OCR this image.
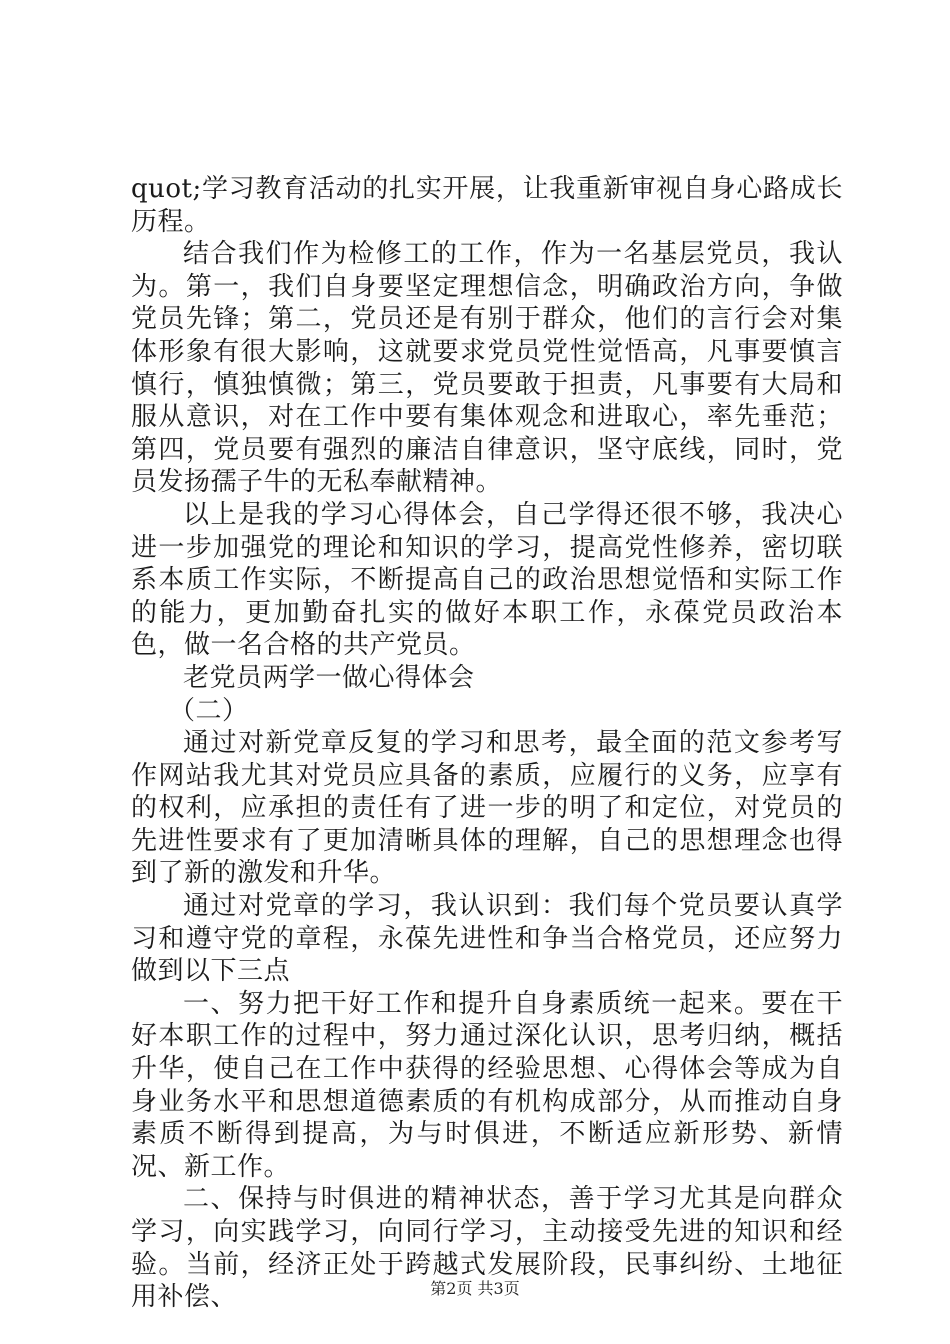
quot;学习教育活动的扎实开展，让我重新审视自身心路成长历程。

结合我们作为检修工的工作，作为一名基层党员，我认为。第一，我们自身要坚定理想信念，明确政治方向，争做党员先锋；第二，党员还是有别于群众，他们的言行会对集体形象有很大影响，这就要求党员党性觉悟高，凡事要慎言慎行，慎独慎微；第三，党员要敢于担责，凡事要有大局和服从意识，对在工作中要有集体观念和进取心，率先垂范；第四，党员要有强烈的廉洁自律意识，坚守底线，同时，党员发扬孺子牛的无私奉献精神。

以上是我的学习心得体会，自己学得还很不够，我决心进一步加强党的理论和知识的学习，提高党性修养，密切联系本质工作实际，不断提高自己的政治思想觉悟和实际工作的能力，更加勤奋扎实的做好本职工作，永葆党员政治本色，做一名合格的共产党员。

老党员两学一做心得体会

（二）

通过对新党章反复的学习和思考，最全面的范文参考写作网站我尤其对党员应具备的素质，应履行的义务，应享有的权利，应承担的责任有了进一步的明了和定位，对党员的先进性要求有了更加清晰具体的理解，自己的思想理念也得到了新的激发和升华。

通过对党章的学习，我认识到：我们每个党员要认真学习和遵守党的章程，永葆先进性和争当合格党员，还应努力做到以下三点

一、努力把干好工作和提升自身素质统一起来。要在干好本职工作的过程中，努力通过深化认识，思考归纳，概括升华，使自己在工作中获得的经验思想、心得体会等成为自身业务水平和思想道德素质的有机构成部分，从而推动自身素质不断得到提高，为与时俱进，不断适应新形势、新情况、新工作。

二、保持与时俱进的精神状态，善于学习尤其是向群众学习，向实践学习，向同行学习，主动接受先进的知识和经验。当前，经济正处于跨越式发展阶段，民事纠纷、土地征用补偿、	第2页 共3页
